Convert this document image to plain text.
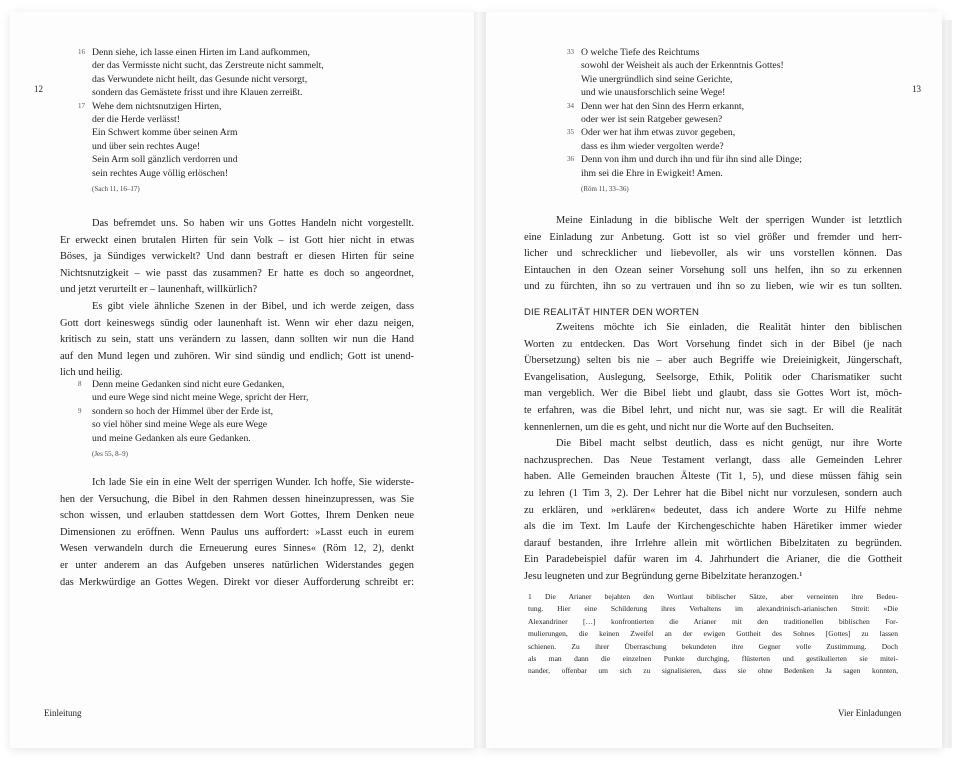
12	13
16 Denn siehe, ich lasse einen Hirten im Land aufkommen,
der das Vermisste nicht sucht, das Zerstreute nicht sammelt,
das Verwundete nicht heilt, das Gesunde nicht versorgt,
sondern das Gemästete frisst und ihre Klauen zerreißt.
17 Wehe dem nichtsnutzigen Hirten,
der die Herde verlässt!
Ein Schwert komme über seinen Arm
und über sein rechtes Auge!
Sein Arm soll gänzlich verdorren und
sein rechtes Auge völlig erlöschen!
(Sach 11, 16–17)

Das befremdet uns. So haben wir uns Gottes Handeln nicht vorgestellt.
Er erweckt einen brutalen Hirten für sein Volk – ist Gott hier nicht in etwas
Böses, ja Sündiges verwickelt? Und dann bestraft er diesen Hirten für seine
Nichtsnutzigkeit – wie passt das zusammen? Er hatte es doch so angeordnet,
und jetzt verurteilt er – launenhaft, willkürlich?

Es gibt viele ähnliche Szenen in der Bibel, und ich werde zeigen, dass
Gott dort keineswegs sündig oder launenhaft ist. Wenn wir eher dazu neigen,
kritisch zu sein, statt uns verändern zu lassen, dann sollten wir nun die Hand
auf den Mund legen und zuhören. Wir sind sündig und endlich; Gott ist unend-
lich und heilig.

8 Denn meine Gedanken sind nicht eure Gedanken,
und eure Wege sind nicht meine Wege, spricht der Herr,
9 sondern so hoch der Himmel über der Erde ist,
so viel höher sind meine Wege als eure Wege
und meine Gedanken als eure Gedanken.
(Jes 55, 8–9)

Ich lade Sie ein in eine Welt der sperrigen Wunder. Ich hoffe, Sie widerste-
hen der Versuchung, die Bibel in den Rahmen dessen hineinzupressen, was Sie
schon wissen, und erlauben stattdessen dem Wort Gottes, Ihrem Denken neue
Dimensionen zu eröffnen. Wenn Paulus uns auffordert: »Lasst euch in eurem
Wesen verwandeln durch die Erneuerung eures Sinnes« (Röm 12, 2), denkt
er unter anderem an das Aufgeben unseres natürlichen Widerstandes gegen
das Merkwürdige an Gottes Wegen. Direkt vor dieser Aufforderung schreibt er:

Einleitung
33 O welche Tiefe des Reichtums
sowohl der Weisheit als auch der Erkenntnis Gottes!
Wie unergründlich sind seine Gerichte,
und wie unausforschlich seine Wege!
34 Denn wer hat den Sinn des Herrn erkannt,
oder wer ist sein Ratgeber gewesen?
35 Oder wer hat ihm etwas zuvor gegeben,
dass es ihm wieder vergolten werde?
36 Denn von ihm und durch ihn und für ihn sind alle Dinge;
ihm sei die Ehre in Ewigkeit! Amen.
(Röm 11, 33–36)

Meine Einladung in die biblische Welt der sperrigen Wunder ist letztlich
eine Einladung zur Anbetung. Gott ist so viel größer und fremder und herr-
licher und schrecklicher und liebevoller, als wir uns vorstellen können. Das
Eintauchen in den Ozean seiner Vorsehung soll uns helfen, ihn so zu erkennen
und zu fürchten, ihn so zu vertrauen und ihn so zu lieben, wie wir es tun sollten.

DIE REALITÄT HINTER DEN WORTEN

Zweitens möchte ich Sie einladen, die Realität hinter den biblischen
Worten zu entdecken. Das Wort Vorsehung findet sich in der Bibel (je nach
Übersetzung) selten bis nie – aber auch Begriffe wie Dreieinigkeit, Jüngerschaft,
Evangelisation, Auslegung, Seelsorge, Ethik, Politik oder Charismatiker sucht
man vergeblich. Wer die Bibel liebt und glaubt, dass sie Gottes Wort ist, möch-
te erfahren, was die Bibel lehrt, und nicht nur, was sie sagt. Er will die Realität
kennenlernen, um die es geht, und nicht nur die Worte auf den Buchseiten.

Die Bibel macht selbst deutlich, dass es nicht genügt, nur ihre Worte
nachzusprechen. Das Neue Testament verlangt, dass alle Gemeinden Lehrer
haben. Alle Gemeinden brauchen Älteste (Tit 1, 5), und diese müssen fähig sein
zu lehren (1 Tim 3, 2). Der Lehrer hat die Bibel nicht nur vorzulesen, sondern auch
zu erklären, und »erklären« bedeutet, dass ich andere Worte zu Hilfe nehme
als die im Text. Im Laufe der Kirchengeschichte haben Häretiker immer wieder
darauf bestanden, ihre Irrlehre allein mit wörtlichen Bibelzitaten zu begründen.
Ein Paradebeispiel dafür waren im 4. Jahrhundert die Arianer, die die Gottheit
Jesu leugneten und zur Begründung gerne Bibelzitate heranzogen.¹

1 Die Arianer bejahten den Wortlaut biblischer Sätze, aber verneinten ihre Bedeu-
tung. Hier eine Schilderung ihres Verhaltens im alexandrinisch-arianischen Streit: »Die
Alexandriner […] konfrontierten die Arianer mit den traditionellen biblischen For-
mulierungen, die keinen Zweifel an der ewigen Gottheit des Sohnes [Gottes] zu lassen
schienen. Zu ihrer Überraschung bekundeten ihre Gegner volle Zustimmung. Doch
als man dann die einzelnen Punkte durchging, flüsterten und gestikulierten sie mitei-
nander, offenbar um sich zu signalisieren, dass sie ohne Bedenken Ja sagen konnten,
Vier Einladungen
